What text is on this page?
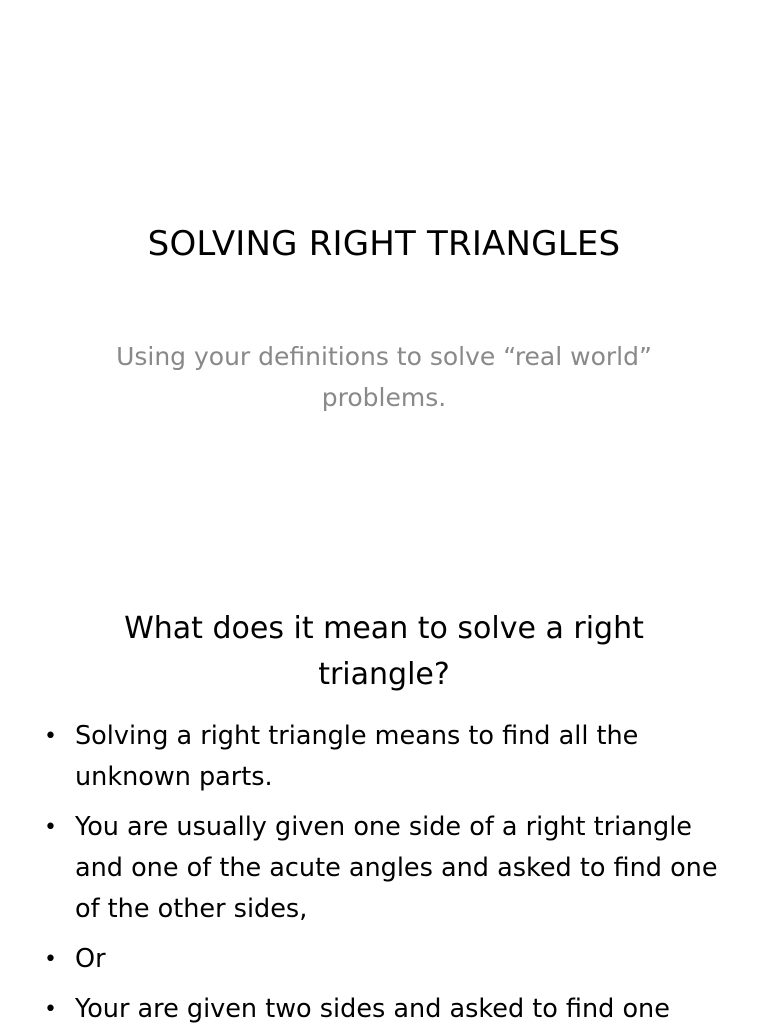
SOLVING RIGHT TRIANGLES

Using your definitions to solve “real world” problems.

What does it mean to solve a right triangle?
• Solving a right triangle means to find all the unknown parts.
• You are usually given one side of a right triangle and one of the acute angles and asked to find one of the other sides,
• Or
• Your are given two sides and asked to find one
